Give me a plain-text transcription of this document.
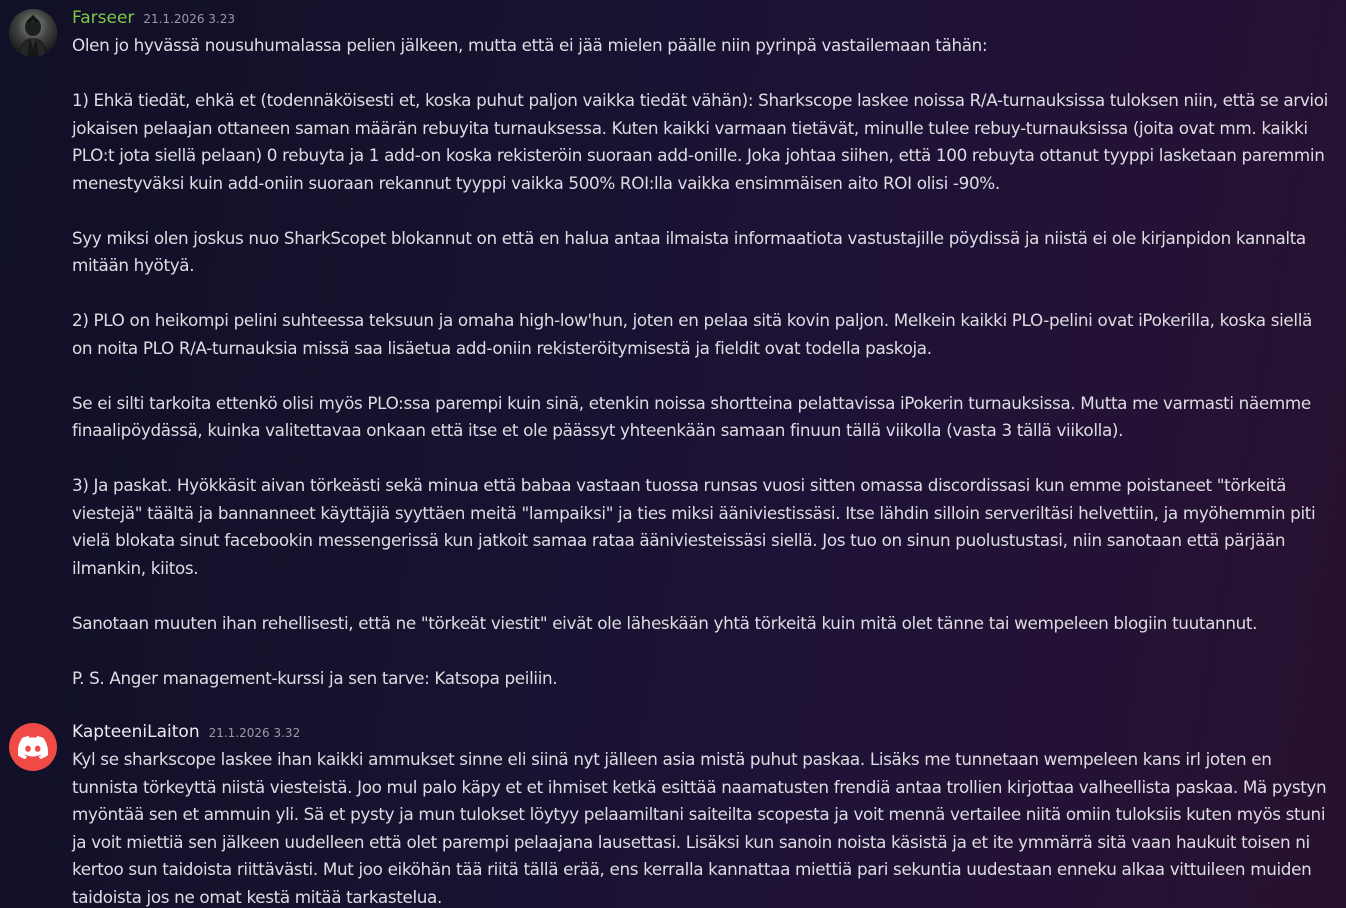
Farseer 21.1.2026 3.23

Olen jo hyvässä nousuhumalassa pelien jälkeen, mutta että ei jää mielen päälle niin pyrinpä vastailemaan tähän:

1) Ehkä tiedät, ehkä et (todennäköisesti et, koska puhut paljon vaikka tiedät vähän): Sharkscope laskee noissa R/A-turnauksissa tuloksen niin, että se arvioi jokaisen pelaajan ottaneen saman määrän rebuyita turnauksessa. Kuten kaikki varmaan tietävät, minulle tulee rebuy-turnauksissa (joita ovat mm. kaikki PLO:t jota siellä pelaan) 0 rebuyta ja 1 add-on koska rekisteröin suoraan add-onille. Joka johtaa siihen, että 100 rebuyta ottanut tyyppi lasketaan paremmin menestyväksi kuin add-oniin suoraan rekannut tyyppi vaikka 500% ROI:lla vaikka ensimmäisen aito ROI olisi -90%.

Syy miksi olen joskus nuo SharkScopet blokannut on että en halua antaa ilmaista informaatiota vastustajille pöydissä ja niistä ei ole kirjanpidon kannalta mitään hyötyä.

2) PLO on heikompi pelini suhteessa teksuun ja omaha high-low'hun, joten en pelaa sitä kovin paljon. Melkein kaikki PLO-pelini ovat iPokerilla, koska siellä on noita PLO R/A-turnauksia missä saa lisäetua add-oniin rekisteröitymisestä ja fieldit ovat todella paskoja.

Se ei silti tarkoita ettenkö olisi myös PLO:ssa parempi kuin sinä, etenkin noissa shortteina pelattavissa iPokerin turnauksissa. Mutta me varmasti näemme finaalipöydässä, kuinka valitettavaa onkaan että itse et ole päässyt yhteenkään samaan finuun tällä viikolla (vasta 3 tällä viikolla).

3) Ja paskat. Hyökkäsit aivan törkeästi sekä minua että babaa vastaan tuossa runsas vuosi sitten omassa discordissasi kun emme poistaneet "törkeitä viestejä" täältä ja bannanneet käyttäjiä syyttäen meitä "lampaiksi" ja ties miksi ääniviestissäsi. Itse lähdin silloin serveriltäsi helvettiin, ja myöhemmin piti vielä blokata sinut facebookin messengerissä kun jatkoit samaa rataa ääniviesteissäsi siellä. Jos tuo on sinun puolustustasi, niin sanotaan että pärjään ilmankin, kiitos.

Sanotaan muuten ihan rehellisesti, että ne "törkeät viestit" eivät ole läheskään yhtä törkeitä kuin mitä olet tänne tai wempeleen blogiin tuutannut.

P. S. Anger management-kurssi ja sen tarve: Katsopa peiliin.

KapteeniLaiton 21.1.2026 3.32

Kyl se sharkscope laskee ihan kaikki ammukset sinne eli siinä nyt jälleen asia mistä puhut paskaa. Lisäks me tunnetaan wempeleen kans irl joten en tunnista törkeyttä niistä viesteistä. Joo mul palo käpy et et ihmiset ketkä esittää naamatusten frendiä antaa trollien kirjottaa valheellista paskaa. Mä pystyn myöntää sen et ammuin yli. Sä et pysty ja mun tulokset löytyy pelaamiltani saiteilta scopesta ja voit mennä vertailee niitä omiin tuloksiis kuten myös stuni ja voit miettiä sen jälkeen uudelleen että olet parempi pelaajana lausettasi. Lisäksi kun sanoin noista käsistä ja et ite ymmärrä sitä vaan haukuit toisen ni kertoo sun taidoista riittävästi. Mut joo eiköhän tää riitä tällä erää, ens kerralla kannattaa miettiä pari sekuntia uudestaan enneku alkaa vittuileen muiden taidoista jos ne omat kestä mitää tarkastelua.
